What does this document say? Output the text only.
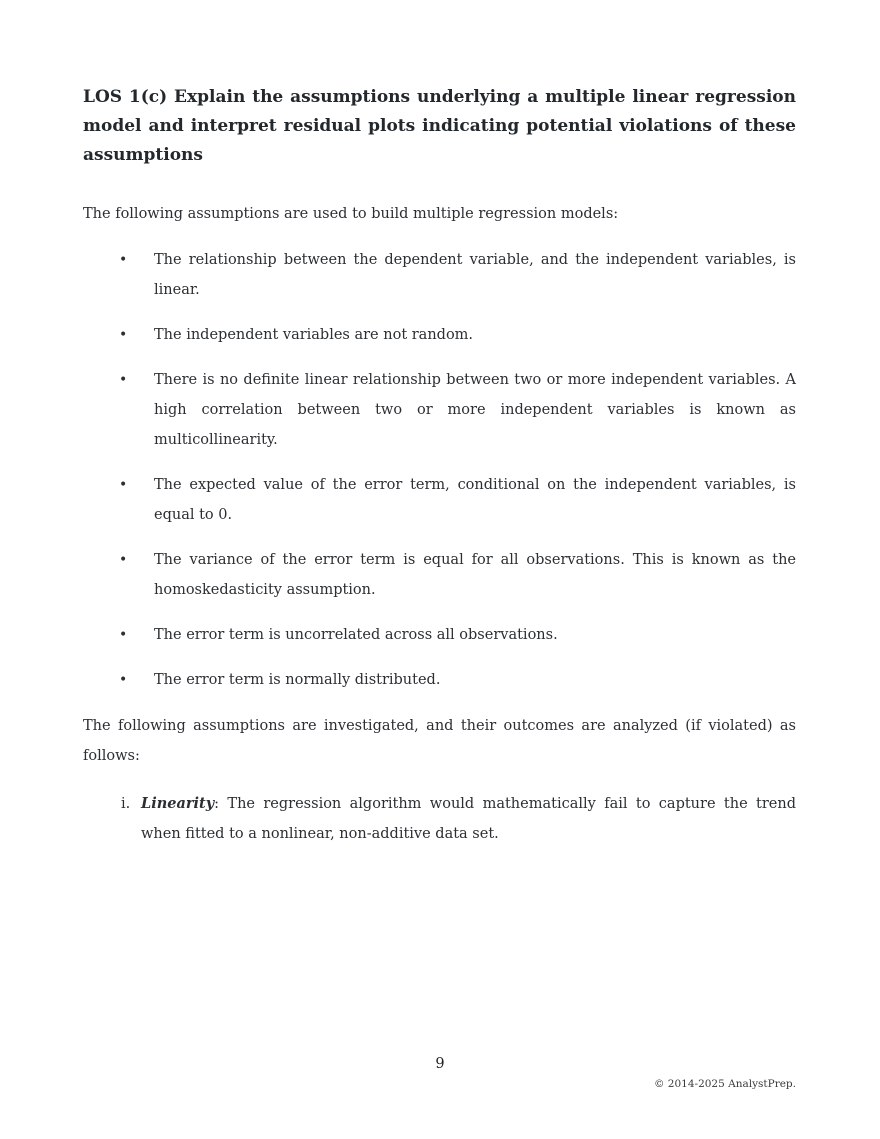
LOS 1(c) Explain the assumptions underlying a multiple linear regression model and interpret residual plots indicating potential violations of these assumptions

The following assumptions are used to build multiple regression models:

• The relationship between the dependent variable, and the independent variables, is linear.
• The independent variables are not random.
• There is no definite linear relationship between two or more independent variables. A high correlation between two or more independent variables is known as multicollinearity.
• The expected value of the error term, conditional on the independent variables, is equal to 0.
• The variance of the error term is equal for all observations. This is known as the homoskedasticity assumption.
• The error term is uncorrelated across all observations.
• The error term is normally distributed.

The following assumptions are investigated, and their outcomes are analyzed (if violated) as follows:

i. Linearity: The regression algorithm would mathematically fail to capture the trend when fitted to a nonlinear, non-additive data set.
9
© 2014-2025 AnalystPrep.
